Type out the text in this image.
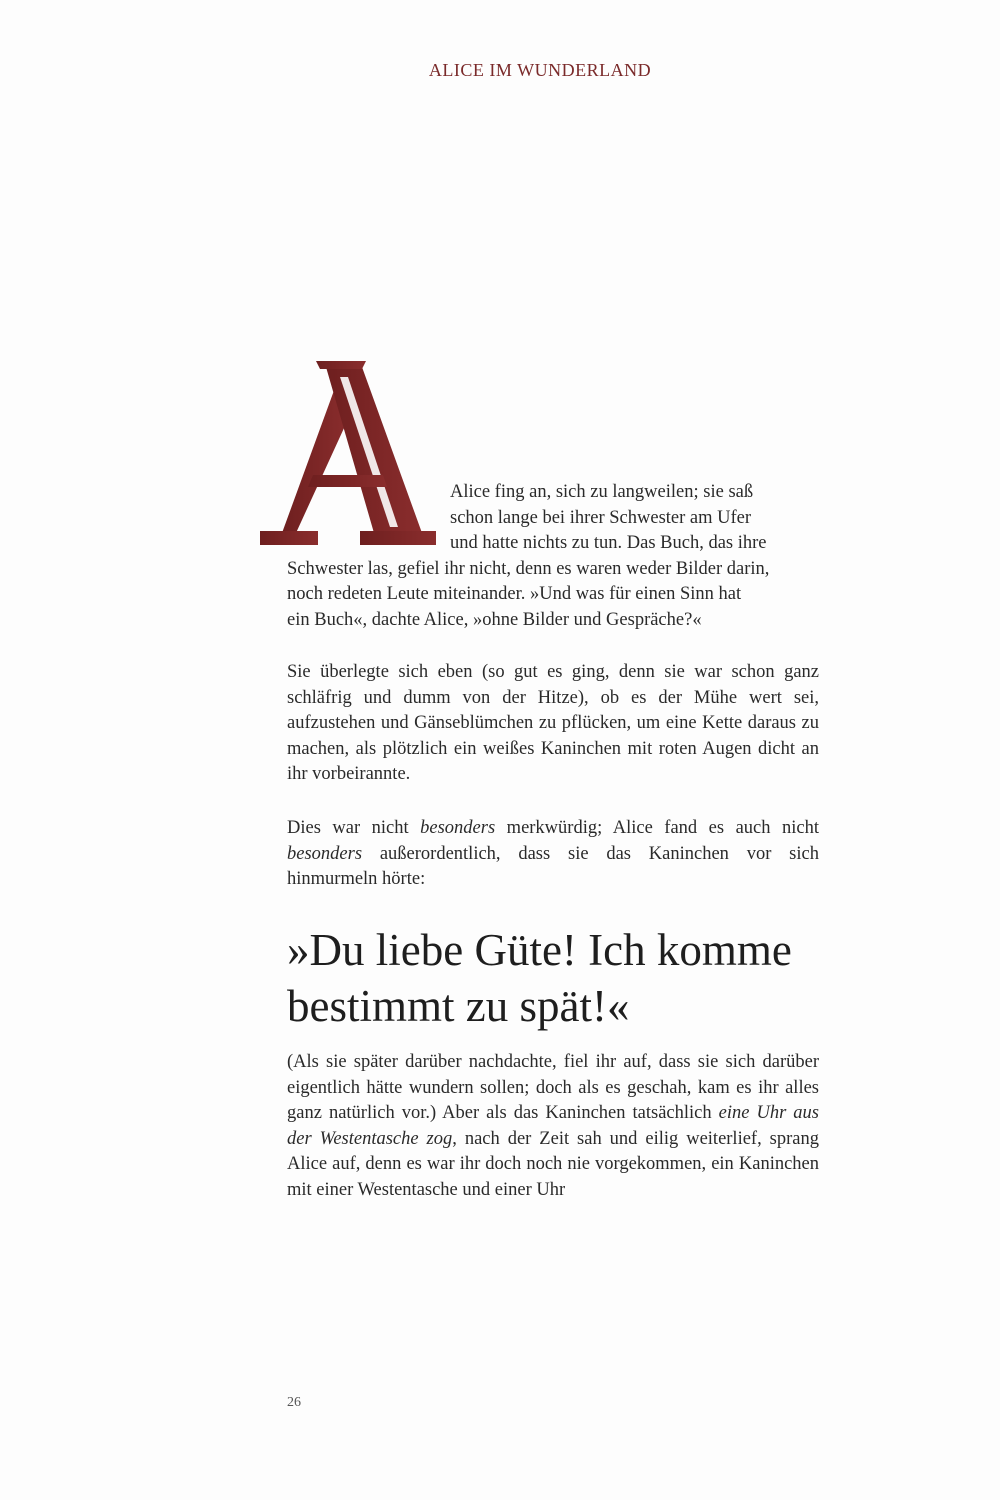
ALICE IM WUNDERLAND
Alice fing an, sich zu langweilen; sie saß
schon lange bei ihrer Schwester am Ufer
und hatte nichts zu tun. Das Buch, das ihre
Schwester las, gefiel ihr nicht, denn es waren weder Bilder darin,
noch redeten Leute miteinander. »Und was für einen Sinn hat
ein Buch«, dachte Alice, »ohne Bilder und Gespräche?«
Sie überlegte sich eben (so gut es ging, denn sie war schon ganz schläfrig und dumm von der Hitze), ob es der Mühe wert sei, aufzustehen und Gänseblümchen zu pflücken, um eine Kette daraus zu machen, als plötzlich ein weißes Kaninchen mit roten Augen dicht an ihr vorbeirannte.
Dies war nicht besonders merkwürdig; Alice fand es auch nicht besonders außerordentlich, dass sie das Kaninchen vor sich hinmurmeln hörte:
»Du liebe Güte! Ich komme bestimmt zu spät!«
(Als sie später darüber nachdachte, fiel ihr auf, dass sie sich darüber eigentlich hätte wundern sollen; doch als es geschah, kam es ihr alles ganz natürlich vor.) Aber als das Kaninchen tatsächlich eine Uhr aus der Westentasche zog, nach der Zeit sah und eilig weiterlief, sprang Alice auf, denn es war ihr doch noch nie vorgekommen, ein Kaninchen mit einer Westentasche und einer Uhr
26
